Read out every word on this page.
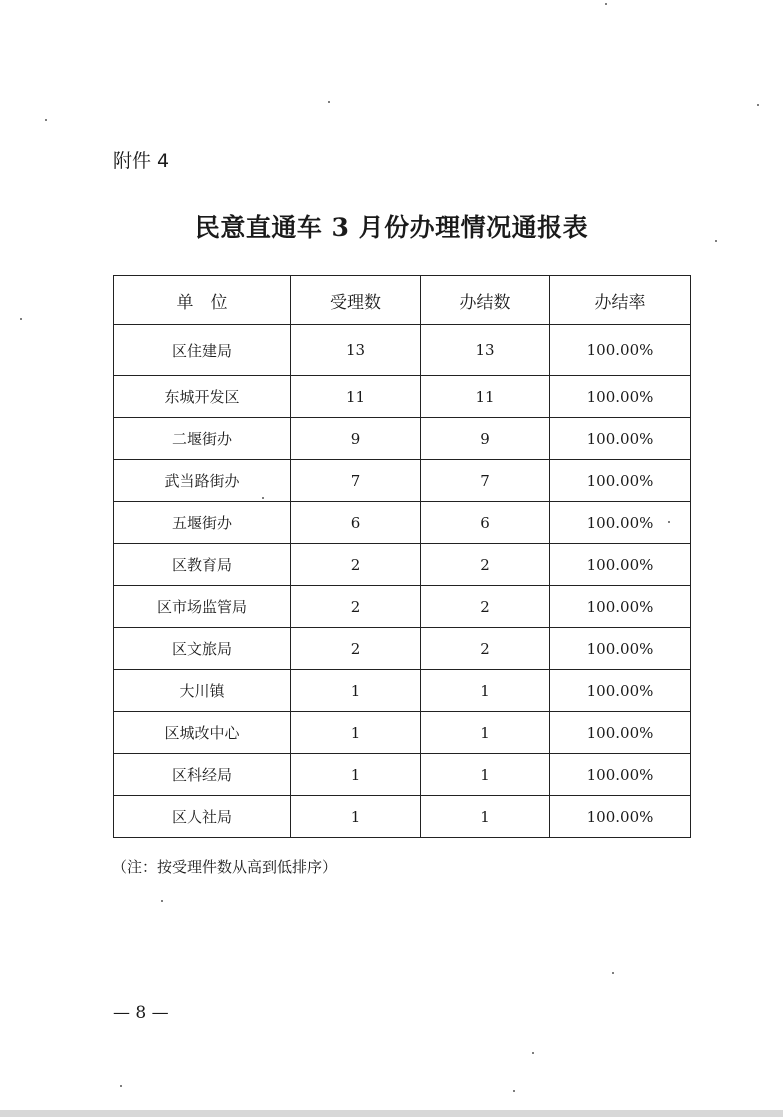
附件 4
民意直通车 3 月份办理情况通报表
单　位	受理数	办结数	办结率
区住建局	13	13	100.00%
东城开发区	11	11	100.00%
二堰街办	9	9	100.00%
武当路街办	7	7	100.00%
五堰街办	6	6	100.00%
区教育局	2	2	100.00%
区市场监管局	2	2	100.00%
区文旅局	2	2	100.00%
大川镇	1	1	100.00%
区城改中心	1	1	100.00%
区科经局	1	1	100.00%
区人社局	1	1	100.00%
（注：按受理件数从高到低排序）
— 8 —
